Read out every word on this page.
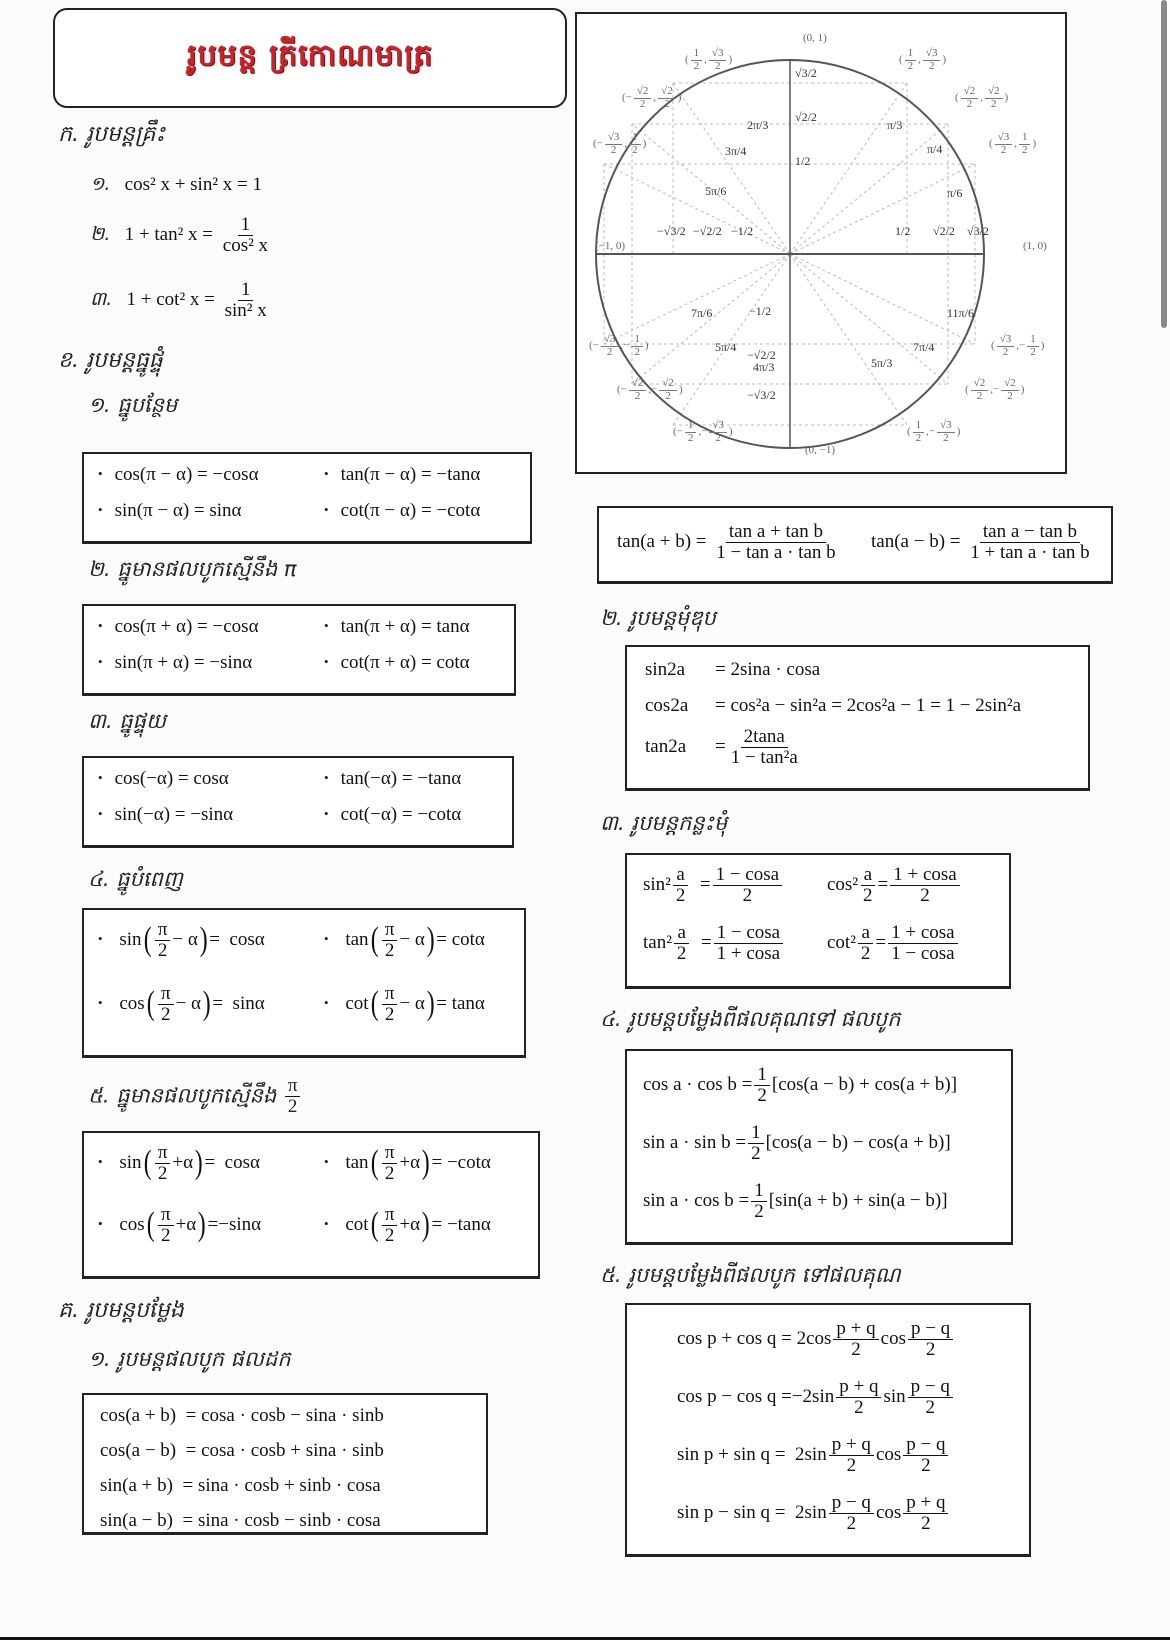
រូបមន្ត ត្រីកោណមាត្រ
ក. រូបមន្តគ្រឹះ
១. cos² x + sin² x = 1
២. 1 + tan² $x = \frac{1}{\text{cos² x}}$
៣. 1 + cot² $x = \frac{1}{\text{sin² x}}$
ខ. រូបមន្តធ្នូផ្ទុំ
១. ធ្នូបន្ថែម
• cos(π − α) = −cosα	• tan(π − α) = −tanα
• sin(π − α) = sinα	• cot(π − α) = −cotα
២. ធ្នូមានផលបូកស្មើនឹង π
• cos(π + α) = −cosα	• tan(π + α) = tanα
• sin(π + α) = −sinα	• cot(π + α) = cotα
៣. ធ្នូផ្ទុយ
• cos(−α) = cosα	• tan(−α) = −tanα
• sin(−α) = −sinα	• cot(−α) = −cotα
៤. ធ្នូបំពេញ
• $\sin( \frac{\pi}{2} - \alpha)= \cos\alpha$	• $\tan( \frac{\pi}{2} - \alpha)= \cot\alpha$
• $\cos( \frac{\pi}{2} - \alpha)= \sin\alpha$	• $\cot( \frac{\pi}{2} - \alpha)= \tan\alpha$
៥. ធ្នូមានផលបូកស្មើនឹង $\frac{\pi}{2}$
• $\sin( \frac{\pi}{2} +\alpha)= \cos\alpha$	• $\tan( \frac{\pi}{2} +\alpha)= -\cot\alpha$
• $\cos( \frac{\pi}{2} +\alpha)=-\sin\alpha$	• $\cot( \frac{\pi}{2} +\alpha)= -\tan\alpha$
គ. រូបមន្តបម្លែង
១. រូបមន្តផលបូក ផលដក
cos(a + b) = cosa · cosb − sina · sinb
cos(a − b) = cosa · cosb + sina · sinb
sin(a + b) = sina · cosb + sinb · cosa
sin(a − b) = sina · cosb − sinb · cosa
(0, 1)
(−1, 0)	(1, 0)
(0, −1)
( $\frac{1}{2}$ , $\frac{√3}{2}$ )	( $\frac{1}{2}$ , $\frac{√3}{2}$ )
(− $\frac{√2}{2}$ , $\frac{√2}{2}$ )	( $\frac{√2}{2}$ , $\frac{√2}{2}$ )
(− $\frac{√3}{2}$ , $\frac{1}{2}$ )	( $\frac{√3}{2}$ , $\frac{1}{2}$ )
(− $\frac{√3}{2}$ ,− $\frac{1}{2}$ )	( $\frac{√3}{2}$ ,− $\frac{1}{2}$ )
(− $\frac{√2}{2}$ ,− $\frac{√2}{2}$ )	( $\frac{√2}{2}$ ,− $\frac{√2}{2}$ )
(− $\frac{1}{2}$ ,− $\frac{√3}{2}$ )	( $\frac{1}{2}$ ,− $\frac{√3}{2}$ )
π/3
π/4
π/6
2π/3
3π/4
5π/6
7π/6
5π/4
4π/3	5π/3
7π/4
11π/6
√3/2
√2/2
1/2
−1/2
−√2/2
−√3/2
1/2 √2/2 √3/2
−√3/2 −√2/2 −1/2
$\tan(a + b) = \frac{\text{tan a + tan b}}{\text{1 − tan a · tan b}} \tan(a - b) = \frac{\text{tan a − tan b}}{\text{1 + tan a · tan b}}$
២. រូបមន្តមុំឌុប
sin2a = 2sina · cosa
cos2a = cos²a − sin²a = 2cos²a − 1 = 1 − 2sin²a
$\tan 2a = \frac{2\tan a}{\text{1 − tan²a}}$
៣. រូបមន្តកន្លះមុំ
$\sin^2 \frac{a}{2} = \frac{1 - \cos a}{2} \cos^2 \frac{a}{2} = \frac{1 + \cos a}{2}$
$\tan^2 \frac{a}{2} = \frac{1 - \cos a}{1 + \cos a} \cot^2 \frac{a}{2} = \frac{1 + \cos a}{1 - \cos a}$
៤. រូបមន្តបម្លែងពីផលគុណទៅ ផលបូក
$\cos a \cdot \cos b = \frac{1}{2} [\cos(a - b) + \cos(a + b)]$
$\sin a \cdot \sin b = \frac{1}{2} [\cos(a - b) - \cos(a + b)]$
$\sin a \cdot \cos b = \frac{1}{2} [\sin(a + b) + \sin(a - b)]$
៥. រូបមន្តបម្លែងពីផលបូក ទៅផលគុណ
$\cos p + \cos q = 2\cos \frac{p + q}{2}$ $\cos \frac{p - q}{2}$
$\cos p - \cos q =-2\sin \frac{p + q}{2}$ $\sin \frac{p - q}{2}$
$\sin p + \sin q = 2\sin \frac{p + q}{2}$ $\cos \frac{p - q}{2}$
$\sin p - \sin q = 2\sin \frac{p - q}{2}$ $\cos \frac{p + q}{2}$
